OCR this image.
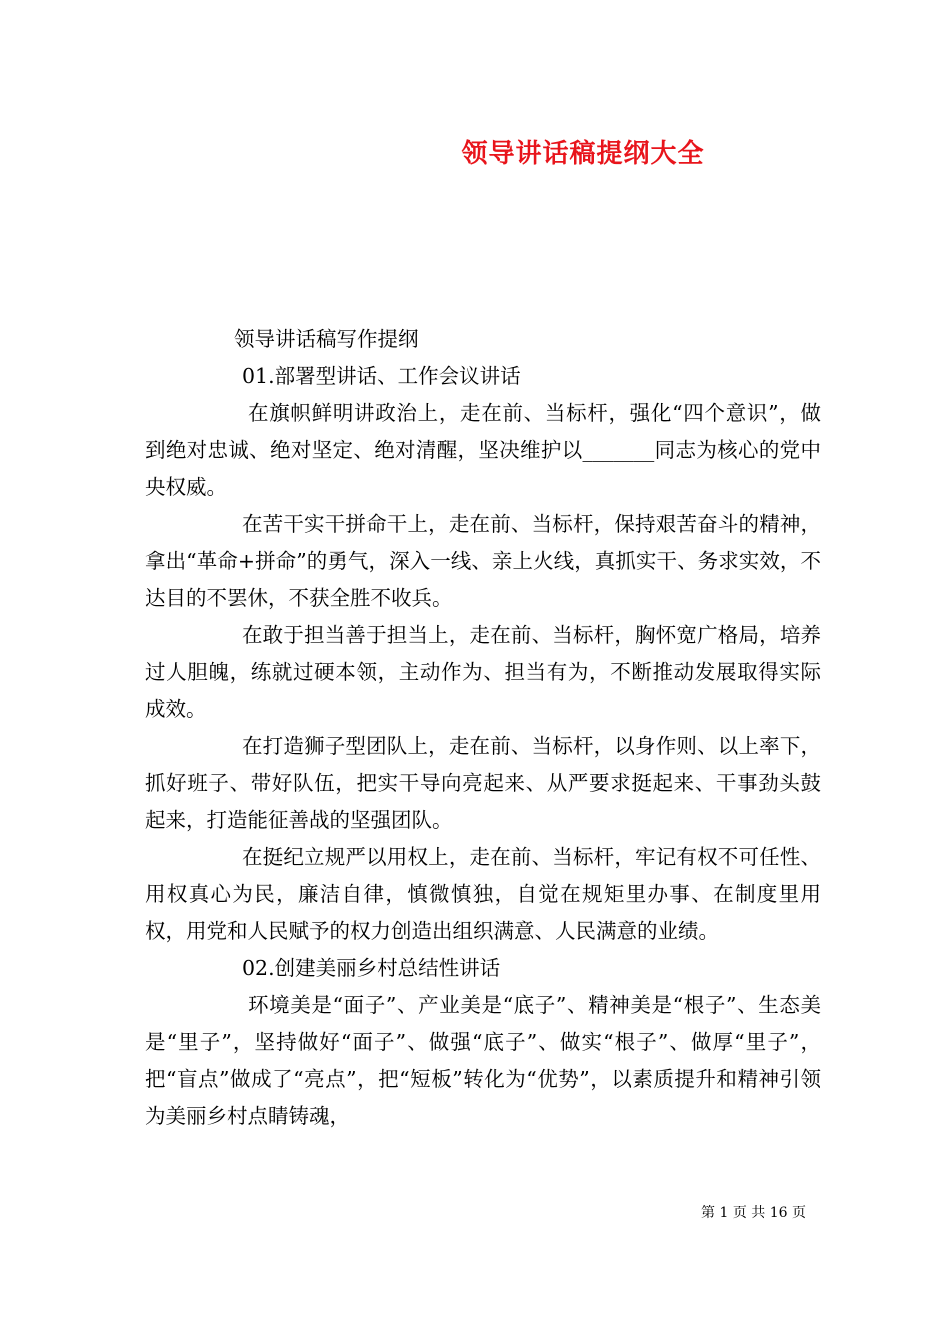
领导讲话稿提纲大全

领导讲话稿写作提纲

01.部署型讲话、工作会议讲话

在旗帜鲜明讲政治上，走在前、当标杆，强化“四个意识”，做到绝对忠诚、绝对坚定、绝对清醒，坚决维护以_______同志为核心的党中央权威。

在苦干实干拼命干上，走在前、当标杆，保持艰苦奋斗的精神，拿出“革命+拼命”的勇气，深入一线、亲上火线，真抓实干、务求实效，不达目的不罢休，不获全胜不收兵。

在敢于担当善于担当上，走在前、当标杆，胸怀宽广格局，培养过人胆魄，练就过硬本领，主动作为、担当有为，不断推动发展取得实际成效。

在打造狮子型团队上，走在前、当标杆，以身作则、以上率下，抓好班子、带好队伍，把实干导向亮起来、从严要求挺起来、干事劲头鼓起来，打造能征善战的坚强团队。

在挺纪立规严以用权上，走在前、当标杆，牢记有权不可任性、用权真心为民，廉洁自律，慎微慎独，自觉在规矩里办事、在制度里用权，用党和人民赋予的权力创造出组织满意、人民满意的业绩。

02.创建美丽乡村总结性讲话

环境美是“面子”、产业美是“底子”、精神美是“根子”、生态美是“里子”，坚持做好“面子”、做强“底子”、做实“根子”、做厚“里子”，把“盲点”做成了“亮点”，把“短板”转化为“优势”，以素质提升和精神引领为美丽乡村点睛铸魂，

第 1 页 共 16 页
